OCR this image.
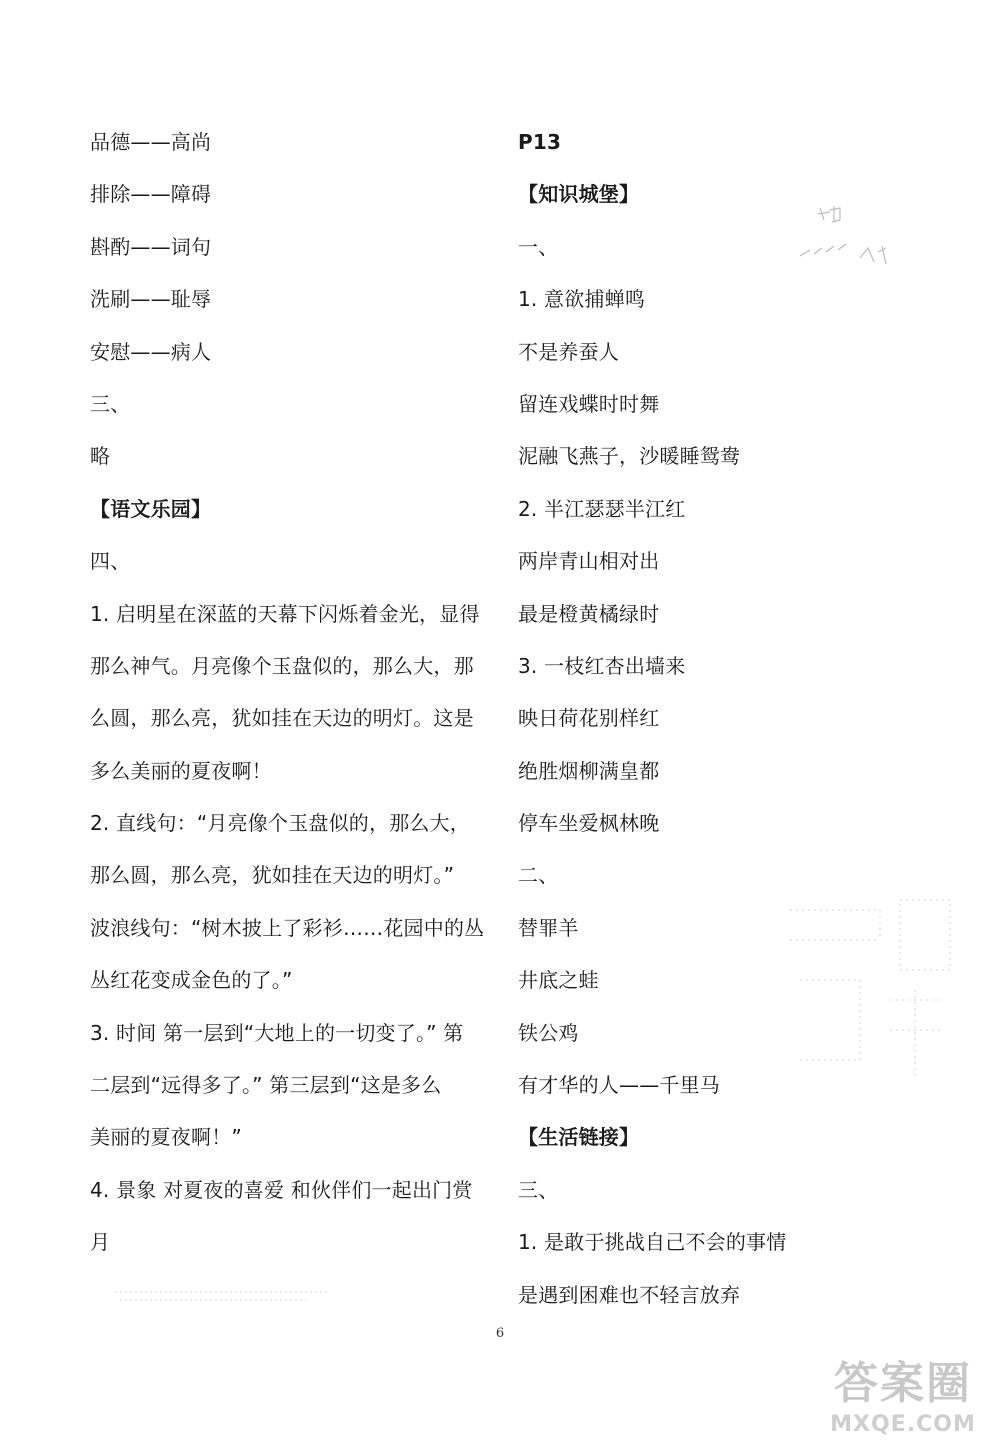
品德——高尚
排除——障碍
斟酌——词句
洗刷——耻辱
安慰——病人
三、
略
【语文乐园】
四、
1. 启明星在深蓝的天幕下闪烁着金光，显得
那么神气。月亮像个玉盘似的，那么大，那
么圆，那么亮，犹如挂在天边的明灯。这是
多么美丽的夏夜啊！
2. 直线句：“月亮像个玉盘似的，那么大，
那么圆，那么亮，犹如挂在天边的明灯。”
波浪线句：“树木披上了彩衫……花园中的丛
丛红花变成金色的了。”
3. 时间 第一层到“大地上的一切变了。” 第
二层到“远得多了。” 第三层到“这是多么
美丽的夏夜啊！”
4. 景象 对夏夜的喜爱 和伙伴们一起出门赏
月
P13
【知识城堡】
一、
1. 意欲捕蝉鸣
不是养蚕人
留连戏蝶时时舞
泥融飞燕子，沙暖睡鸳鸯
2. 半江瑟瑟半江红
两岸青山相对出
最是橙黄橘绿时
3. 一枝红杏出墙来
映日荷花别样红
绝胜烟柳满皇都
停车坐爱枫林晚
二、
替罪羊
井底之蛙
铁公鸡
有才华的人——千里马
【生活链接】
三、
1. 是敢于挑战自己不会的事情
是遇到困难也不轻言放弃
6
答案圈
MXQE.COM
